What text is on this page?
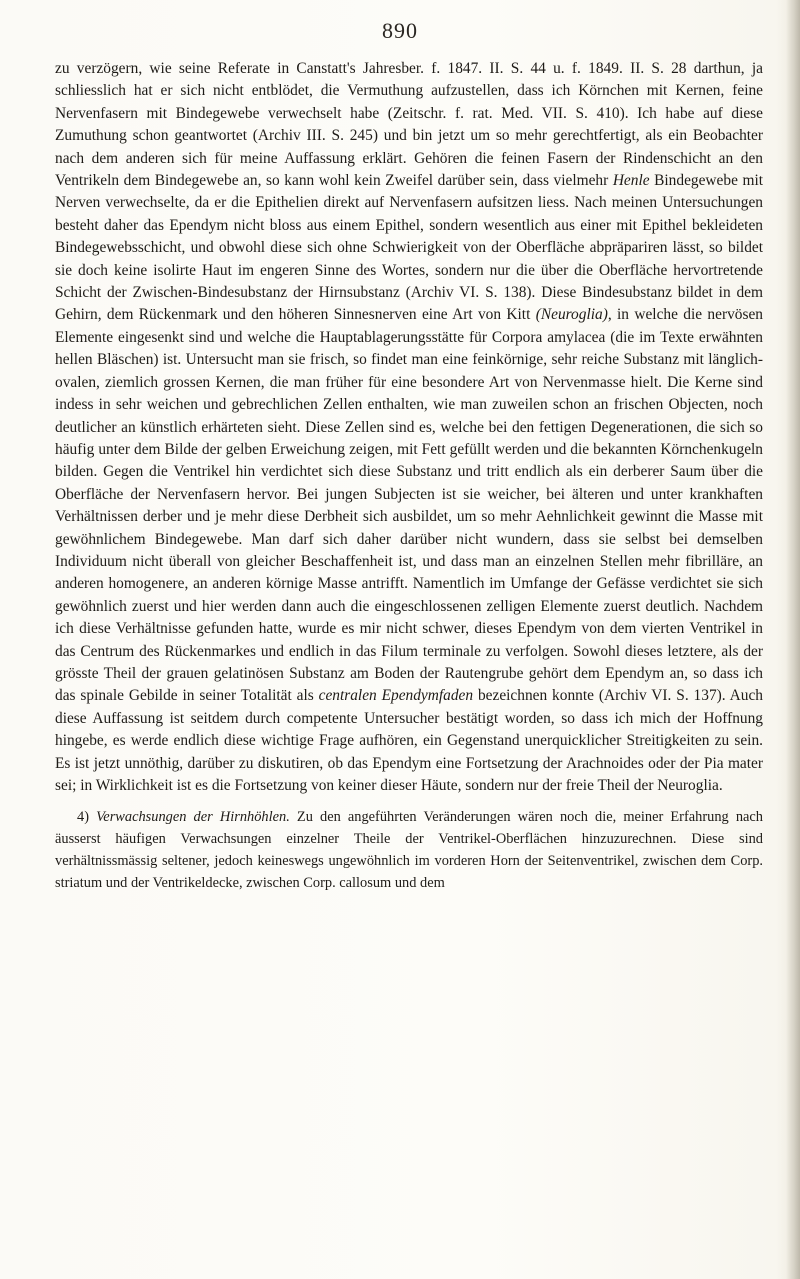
890

zu verzögern, wie seine Referate in Canstatt's Jahresber. f. 1847. II. S. 44 u. f. 1849. II. S. 28 darthun, ja schliesslich hat er sich nicht entblödet, die Vermuthung aufzustellen, dass ich Körnchen mit Kernen, feine Nervenfasern mit Bindegewebe verwechselt habe (Zeitschr. f. rat. Med. VII. S. 410). Ich habe auf diese Zumuthung schon geantwortet (Archiv III. S. 245) und bin jetzt um so mehr gerechtfertigt, als ein Beobachter nach dem anderen sich für meine Auffassung erklärt. Gehören die feinen Fasern der Rindenschicht an den Ventrikeln dem Bindegewebe an, so kann wohl kein Zweifel darüber sein, dass vielmehr Henle Bindegewebe mit Nerven verwechselte, da er die Epithelien direkt auf Nervenfasern aufsitzen liess. Nach meinen Untersuchungen besteht daher das Ependym nicht bloss aus einem Epithel, sondern wesentlich aus einer mit Epithel bekleideten Bindegewebsschicht, und obwohl diese sich ohne Schwierigkeit von der Oberfläche abpräpariren lässt, so bildet sie doch keine isolirte Haut im engeren Sinne des Wortes, sondern nur die über die Oberfläche hervortretende Schicht der Zwischen-Bindesubstanz der Hirnsubstanz (Archiv VI. S. 138). Diese Bindesubstanz bildet in dem Gehirn, dem Rückenmark und den höheren Sinnesnerven eine Art von Kitt (Neuroglia), in welche die nervösen Elemente eingesenkt sind und welche die Hauptablagerungsstätte für Corpora amylacea (die im Texte erwähnten hellen Bläschen) ist. Untersucht man sie frisch, so findet man eine feinkörnige, sehr reiche Substanz mit länglich-ovalen, ziemlich grossen Kernen, die man früher für eine besondere Art von Nervenmasse hielt. Die Kerne sind indess in sehr weichen und gebrechlichen Zellen enthalten, wie man zuweilen schon an frischen Objecten, noch deutlicher an künstlich erhärteten sieht. Diese Zellen sind es, welche bei den fettigen Degenerationen, die sich so häufig unter dem Bilde der gelben Erweichung zeigen, mit Fett gefüllt werden und die bekannten Körnchenkugeln bilden. Gegen die Ventrikel hin verdichtet sich diese Substanz und tritt endlich als ein derberer Saum über die Oberfläche der Nervenfasern hervor. Bei jungen Subjecten ist sie weicher, bei älteren und unter krankhaften Verhältnissen derber und je mehr diese Derbheit sich ausbildet, um so mehr Aehnlichkeit gewinnt die Masse mit gewöhnlichem Bindegewebe. Man darf sich daher darüber nicht wundern, dass sie selbst bei demselben Individuum nicht überall von gleicher Beschaffenheit ist, und dass man an einzelnen Stellen mehr fibrilläre, an anderen homogenere, an anderen körnige Masse antrifft. Namentlich im Umfange der Gefässe verdichtet sie sich gewöhnlich zuerst und hier werden dann auch die eingeschlossenen zelligen Elemente zuerst deutlich. Nachdem ich diese Verhältnisse gefunden hatte, wurde es mir nicht schwer, dieses Ependym von dem vierten Ventrikel in das Centrum des Rückenmarkes und endlich in das Filum terminale zu verfolgen. Sowohl dieses letztere, als der grösste Theil der grauen gelatinösen Substanz am Boden der Rautengrube gehört dem Ependym an, so dass ich das spinale Gebilde in seiner Totalität als centralen Ependymfaden bezeichnen konnte (Archiv VI. S. 137). Auch diese Auffassung ist seitdem durch competente Untersucher bestätigt worden, so dass ich mich der Hoffnung hingebe, es werde endlich diese wichtige Frage aufhören, ein Gegenstand unerquicklicher Streitigkeiten zu sein. Es ist jetzt unnöthig, darüber zu diskutiren, ob das Ependym eine Fortsetzung der Arachnoides oder der Pia mater sei; in Wirklichkeit ist es die Fortsetzung von keiner dieser Häute, sondern nur der freie Theil der Neuroglia.

4) Verwachsungen der Hirnhöhlen. Zu den angeführten Veränderungen wären noch die, meiner Erfahrung nach äusserst häufigen Verwachsungen einzelner Theile der Ventrikel-Oberflächen hinzuzurechnen. Diese sind verhältnissmässig seltener, jedoch keineswegs ungewöhnlich im vorderen Horn der Seitenventrikel, zwischen dem Corp. striatum und der Ventrikeldecke, zwischen Corp. callosum und dem
